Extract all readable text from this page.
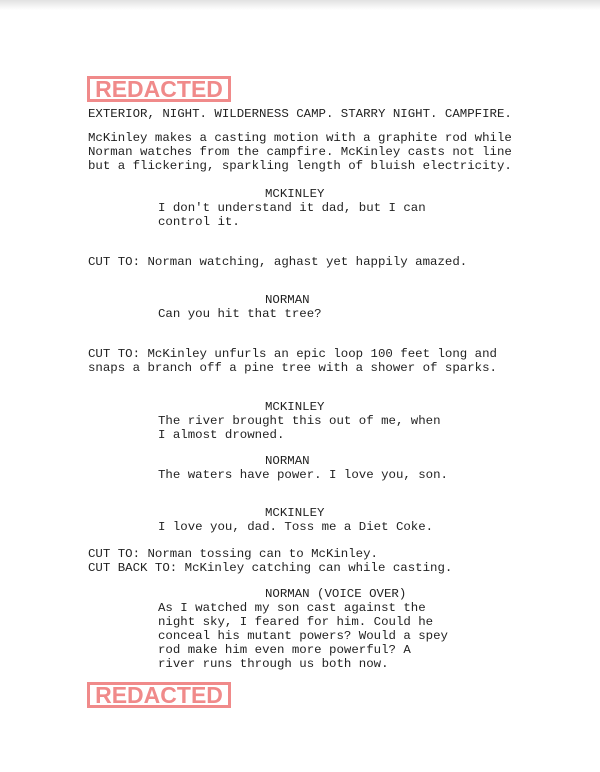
REDACTED

EXTERIOR, NIGHT. WILDERNESS CAMP. STARRY NIGHT. CAMPFIRE.

McKinley makes a casting motion with a graphite rod while

Norman watches from the campfire. McKinley casts not line

but a flickering, sparkling length of bluish electricity.

MCKINLEY

I don't understand it dad, but I can

control it.

CUT TO: Norman watching, aghast yet happily amazed.

NORMAN

Can you hit that tree?

CUT TO: McKinley unfurls an epic loop 100 feet long and

snaps a branch off a pine tree with a shower of sparks.

MCKINLEY

The river brought this out of me, when

I almost drowned.

NORMAN

The waters have power. I love you, son.

MCKINLEY

I love you, dad. Toss me a Diet Coke.

CUT TO: Norman tossing can to McKinley.

CUT BACK TO: McKinley catching can while casting.

NORMAN (VOICE OVER)

As I watched my son cast against the

night sky, I feared for him. Could he

conceal his mutant powers? Would a spey

rod make him even more powerful? A

river runs through us both now.

REDACTED
